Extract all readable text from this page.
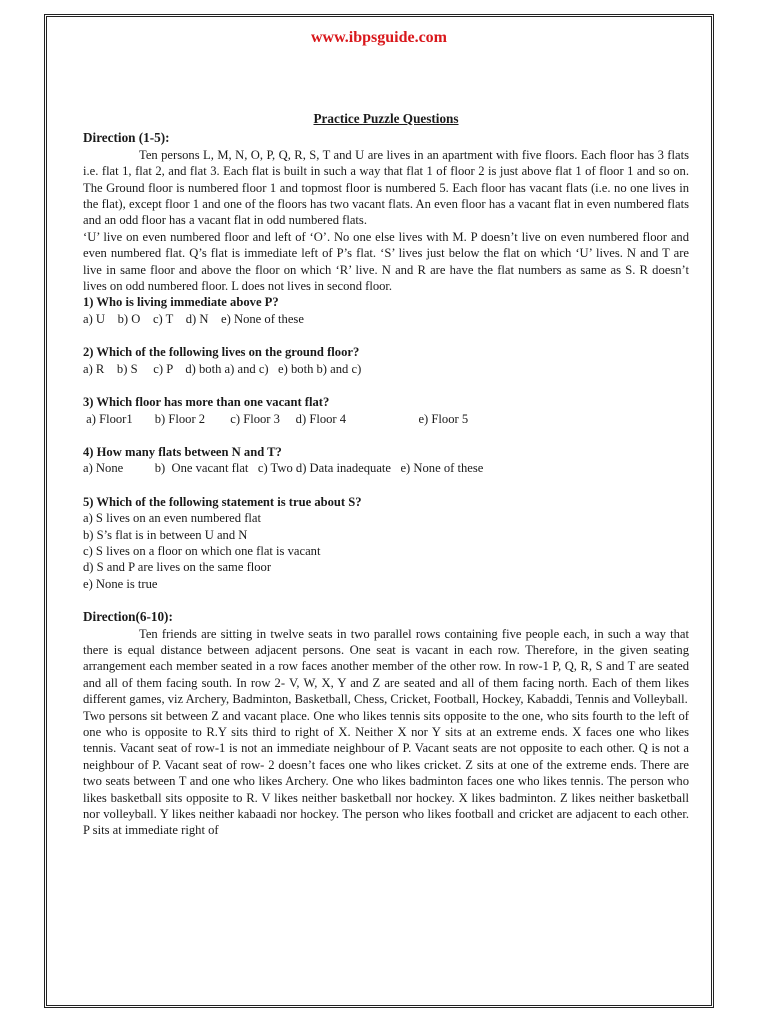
www.ibpsguide.com
Practice Puzzle Questions

Direction (1-5):

Ten persons L, M, N, O, P, Q, R, S, T and U are lives in an apartment with five floors. Each floor has 3 flats i.e. flat 1, flat 2, and flat 3. Each flat is built in such a way that flat 1 of floor 2 is just above flat 1 of floor 1 and so on. The Ground floor is numbered floor 1 and topmost floor is numbered 5. Each floor has vacant flats (i.e. no one lives in the flat), except floor 1 and one of the floors has two vacant flats. An even floor has a vacant flat in even numbered flats and an odd floor has a vacant flat in odd numbered flats.

‘U’ live on even numbered floor and left of ‘O’. No one else lives with M. P doesn’t live on even numbered floor and even numbered flat. Q’s flat is immediate left of P’s flat. ‘S’ lives just below the flat on which ‘U’ lives. N and T are live in same floor and above the floor on which ‘R’ live. N and R are have the flat numbers as same as S. R doesn’t lives on odd numbered floor. L does not lives in second floor.

1) Who is living immediate above P?

a) U    b) O    c) T    d) N    e) None of these

2) Which of the following lives on the ground floor?

a) R    b) S     c) P    d) both a) and c)   e) both b) and c)

3) Which floor has more than one vacant flat?

a) Floor1       b) Floor 2        c) Floor 3     d) Floor 4                       e) Floor 5

4) How many flats between N and T?

a) None          b)  One vacant flat   c) Two d) Data inadequate   e) None of these

5) Which of the following statement is true about S?

a) S lives on an even numbered flat
b) S’s flat is in between U and N
c) S lives on a floor on which one flat is vacant
d) S and P are lives on the same floor
e) None is true

Direction(6-10):

Ten friends are sitting in twelve seats in two parallel rows containing five people each, in such a way that there is equal distance between adjacent persons. One seat is vacant in each row. Therefore, in the given seating arrangement each member seated in a row faces another member of the other row. In row-1 P, Q, R, S and T are seated and all of them facing south. In row 2- V, W, X, Y and Z are seated and all of them facing north. Each of them likes different games, viz Archery, Badminton, Basketball, Chess, Cricket, Football, Hockey, Kabaddi, Tennis and Volleyball.

Two persons sit between Z and vacant place. One who likes tennis sits opposite to the one, who sits fourth to the left of one who is opposite to R.Y sits third to right of X. Neither X nor Y sits at an extreme ends. X faces one who likes tennis. Vacant seat of row-1 is not an immediate neighbour of P. Vacant seats are not opposite to each other. Q is not a neighbour of P. Vacant seat of row- 2 doesn’t faces one who likes cricket. Z sits at one of the extreme ends. There are two seats between T and one who likes Archery. One who likes badminton faces one who likes tennis. The person who likes basketball sits opposite to R. V likes neither basketball nor hockey. X likes badminton. Z likes neither basketball nor volleyball. Y likes neither kabaadi nor hockey. The person who likes football and cricket are adjacent to each other. P sits at immediate right of
